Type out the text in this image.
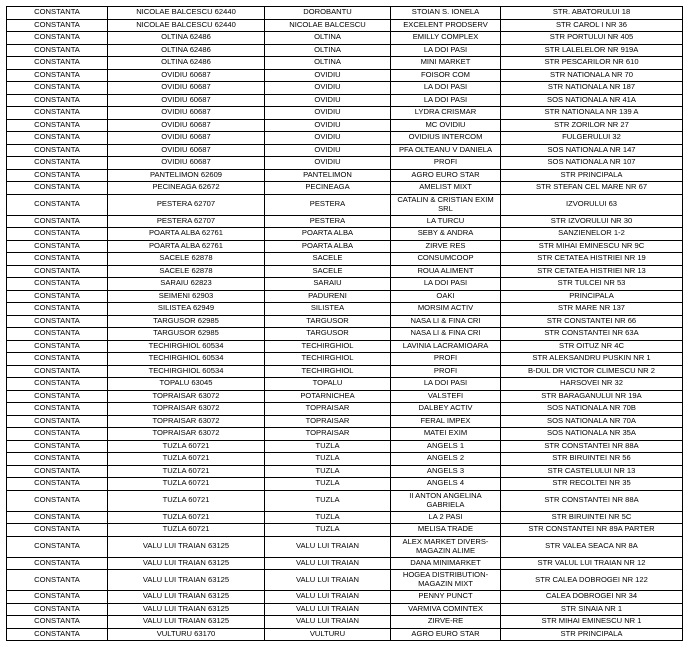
CONSTANTA	NICOLAE BALCESCU 62440	DOROBANTU	STOIAN S. IONELA	STR. ABATORULUI 18
CONSTANTA	NICOLAE BALCESCU 62440	NICOLAE BALCESCU	EXCELENT PRODSERV	STR CAROL I NR 36
CONSTANTA	OLTINA 62486	OLTINA	EMILLY COMPLEX	STR PORTULUI NR 405
CONSTANTA	OLTINA 62486	OLTINA	LA DOI PASI	STR LALELELOR NR 919A
CONSTANTA	OLTINA 62486	OLTINA	MINI MARKET	STR PESCARILOR NR 610
CONSTANTA	OVIDIU 60687	OVIDIU	FOISOR COM	STR NATIONALA NR 70
CONSTANTA	OVIDIU 60687	OVIDIU	LA DOI PASI	STR NATIONALA NR 187
CONSTANTA	OVIDIU 60687	OVIDIU	LA DOI PASI	SOS NATIONALA NR 41A
CONSTANTA	OVIDIU 60687	OVIDIU	LYDRA CRISMAR	STR NATIONALA NR 139 A
CONSTANTA	OVIDIU 60687	OVIDIU	MC OVIDIU	STR ZORILOR NR 27
CONSTANTA	OVIDIU 60687	OVIDIU	OVIDIUS INTERCOM	FULGERULUI 32
CONSTANTA	OVIDIU 60687	OVIDIU	PFA OLTEANU V DANIELA	SOS NATIONALA NR 147
CONSTANTA	OVIDIU 60687	OVIDIU	PROFI	SOS NATIONALA NR 107
CONSTANTA	PANTELIMON 62609	PANTELIMON	AGRO EURO STAR	STR PRINCIPALA
CONSTANTA	PECINEAGA 62672	PECINEAGA	AMELIST MIXT	STR STEFAN CEL MARE NR 67
CONSTANTA	PESTERA 62707	PESTERA	CATALIN & CRISTIAN EXIM SRL	IZVORULUI 63
CONSTANTA	PESTERA 62707	PESTERA	LA TURCU	STR IZVORULUI NR 30
CONSTANTA	POARTA ALBA 62761	POARTA ALBA	SEBY & ANDRA	SANZIENELOR 1-2
CONSTANTA	POARTA ALBA 62761	POARTA ALBA	ZIRVE RES	STR MIHAI EMINESCU NR 9C
CONSTANTA	SACELE 62878	SACELE	CONSUMCOOP	STR CETATEA HISTRIEI NR 19
CONSTANTA	SACELE 62878	SACELE	ROUA ALIMENT	STR CETATEA HISTRIEI NR 13
CONSTANTA	SARAIU 62823	SARAIU	LA DOI PASI	STR TULCEI NR 53
CONSTANTA	SEIMENI 62903	PADURENI	OAKI	PRINCIPALA
CONSTANTA	SILISTEA 62949	SILISTEA	MORSIM ACTIV	STR MARE NR 137
CONSTANTA	TARGUSOR 62985	TARGUSOR	NASA LI & FINA CRI	STR CONSTANTEI NR 66
CONSTANTA	TARGUSOR 62985	TARGUSOR	NASA LI & FINA CRI	STR CONSTANTEI NR 63A
CONSTANTA	TECHIRGHIOL 60534	TECHIRGHIOL	LAVINIA LACRAMIOARA	STR OITUZ NR 4C
CONSTANTA	TECHIRGHIOL 60534	TECHIRGHIOL	PROFI	STR ALEKSANDRU PUSKIN NR 1
CONSTANTA	TECHIRGHIOL 60534	TECHIRGHIOL	PROFI	B-DUL DR VICTOR CLIMESCU NR 2
CONSTANTA	TOPALU 63045	TOPALU	LA DOI PASI	HARSOVEI NR 32
CONSTANTA	TOPRAISAR 63072	POTARNICHEA	VALSTEFI	STR BARAGANULUI NR 19A
CONSTANTA	TOPRAISAR 63072	TOPRAISAR	DALBEY ACTIV	SOS NATIONALA NR 70B
CONSTANTA	TOPRAISAR 63072	TOPRAISAR	FERAL IMPEX	SOS NATIONALA NR 70A
CONSTANTA	TOPRAISAR 63072	TOPRAISAR	MATEI EXIM	SOS NATIONALA NR 35A
CONSTANTA	TUZLA 60721	TUZLA	ANGELS 1	STR CONSTANTEI NR 88A
CONSTANTA	TUZLA 60721	TUZLA	ANGELS 2	STR BIRUINTEI NR 56
CONSTANTA	TUZLA 60721	TUZLA	ANGELS 3	STR CASTELULUI NR 13
CONSTANTA	TUZLA 60721	TUZLA	ANGELS 4	STR RECOLTEI NR 35
CONSTANTA	TUZLA 60721	TUZLA	II ANTON ANGELINA GABRIELA	STR CONSTANTEI NR 88A
CONSTANTA	TUZLA 60721	TUZLA	LA 2 PASI	STR BIRUINTEI NR 5C
CONSTANTA	TUZLA 60721	TUZLA	MELISA TRADE	STR CONSTANTEI NR 89A PARTER
CONSTANTA	VALU LUI TRAIAN 63125	VALU LUI TRAIAN	ALEX MARKET DIVERS-MAGAZIN ALIME	STR VALEA SEACA NR 8A
CONSTANTA	VALU LUI TRAIAN 63125	VALU LUI TRAIAN	DANA MINIMARKET	STR VALUL LUI TRAIAN NR 12
CONSTANTA	VALU LUI TRAIAN 63125	VALU LUI TRAIAN	HOGEA DISTRIBUTION-MAGAZIN MIXT	STR CALEA DOBROGEI NR 122
CONSTANTA	VALU LUI TRAIAN 63125	VALU LUI TRAIAN	PENNY PUNCT	CALEA DOBROGEI NR 34
CONSTANTA	VALU LUI TRAIAN 63125	VALU LUI TRAIAN	VARMIVA COMINTEX	STR SINAIA NR 1
CONSTANTA	VALU LUI TRAIAN 63125	VALU LUI TRAIAN	ZIRVE-RE	STR MIHAI EMINESCU NR 1
CONSTANTA	VULTURU 63170	VULTURU	AGRO EURO STAR	STR PRINCIPALA
